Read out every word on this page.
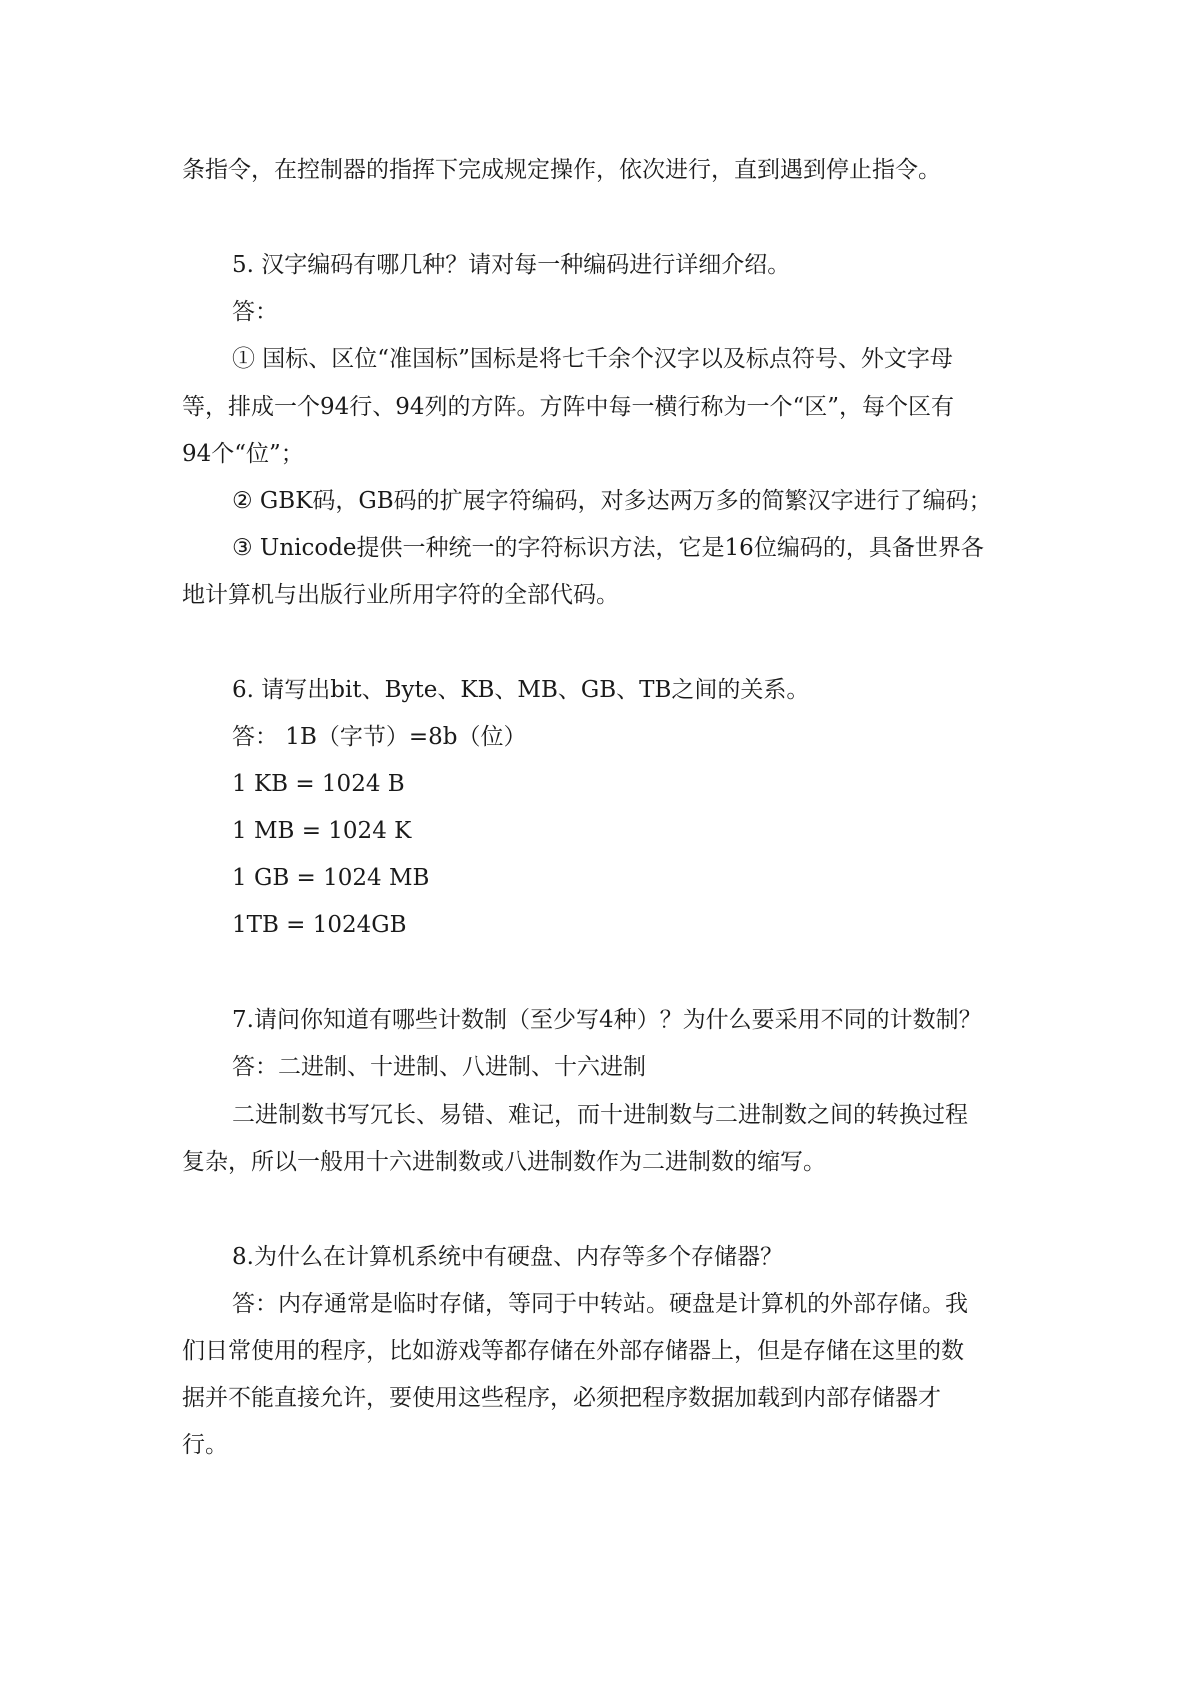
条指令，在控制器的指挥下完成规定操作，依次进行，直到遇到停止指令。
5. 汉字编码有哪几种？请对每一种编码进行详细介绍。
答：
① 国标、区位“准国标”国标是将七千余个汉字以及标点符号、外文字母
等，排成一个94行、94列的方阵。方阵中每一横行称为一个“区”，每个区有
94个“位”；
② GBK码，GB码的扩展字符编码，对多达两万多的简繁汉字进行了编码；
③ Unicode提供一种统一的字符标识方法，它是16位编码的，具备世界各
地计算机与出版行业所用字符的全部代码。
6. 请写出bit、Byte、KB、MB、GB、TB之间的关系。
答： 1B（字节）=8b（位）
1 KB = 1024 B
1 MB = 1024 K
1 GB = 1024 MB
1TB = 1024GB
7.请问你知道有哪些计数制（至少写4种）？为什么要采用不同的计数制？
答：二进制、十进制、八进制、十六进制
二进制数书写冗长、易错、难记，而十进制数与二进制数之间的转换过程
复杂，所以一般用十六进制数或八进制数作为二进制数的缩写。
8.为什么在计算机系统中有硬盘、内存等多个存储器？
答：内存通常是临时存储，等同于中转站。硬盘是计算机的外部存储。我
们日常使用的程序，比如游戏等都存储在外部存储器上，但是存储在这里的数
据并不能直接允许，要使用这些程序，必须把程序数据加载到内部存储器才
行。
